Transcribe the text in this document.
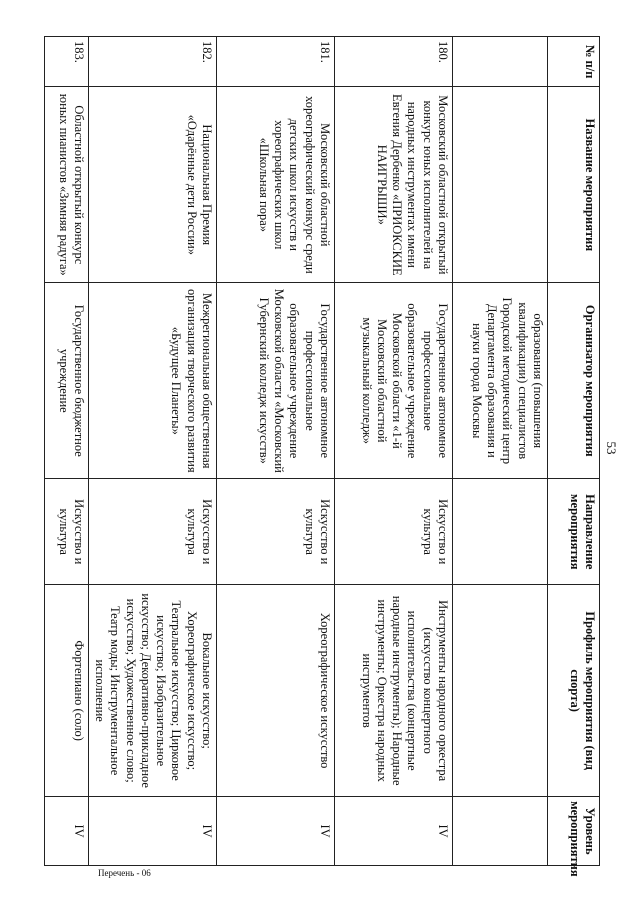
53
№ п/п	Название мероприятия	Организатор мероприятия	Направление мероприятия	Профиль мероприятия (вид спорта)	Уровень мероприятия
		образования (повышения квалификации) специалистов Городской методический центр Департамента образования и науки города Москвы			
180.	Московский областной открытый конкурс юных исполнителей на народных инструментах имени Евгения Дербенко «ПРИОКСКИЕ НАИГРЫШИ»	Государственное автономное профессиональное образовательное учреждение Московской области «1-й Московский областной музыкальный колледж»	Искусство и культура	Инструменты народного оркестра (искусство концертного исполнительства (концертные народные инструменты); Народные инструменты; Оркестра народных инструментов	IV
181.	Московский областной хореографический конкурс среди детских школ искусств и хореографических школ «Школьная пора»	Государственное автономное профессиональное образовательное учреждение Московской области «Московский Губернский колледж искусств»	Искусство и культура	Хореографическое искусство	IV
182.	Национальная Премия «Одарённые дети России»	Межрегиональная общественная организация творческого развития «Будущее Планеты»	Искусство и культура	Вокальное искусство; Хореографическое искусство; Театральное искусство; Цирковое искусство; Изобразительное искусство; Декоративно-прикладное искусство; Художественное слово; Театр моды; Инструментальное исполнение	IV
183.	Областной открытый конкурс юных пианистов «Зимняя радуга»	Государственное бюджетное учреждение	Искусство и культура	Фортепиано (соло)	IV
Перечень - 06
